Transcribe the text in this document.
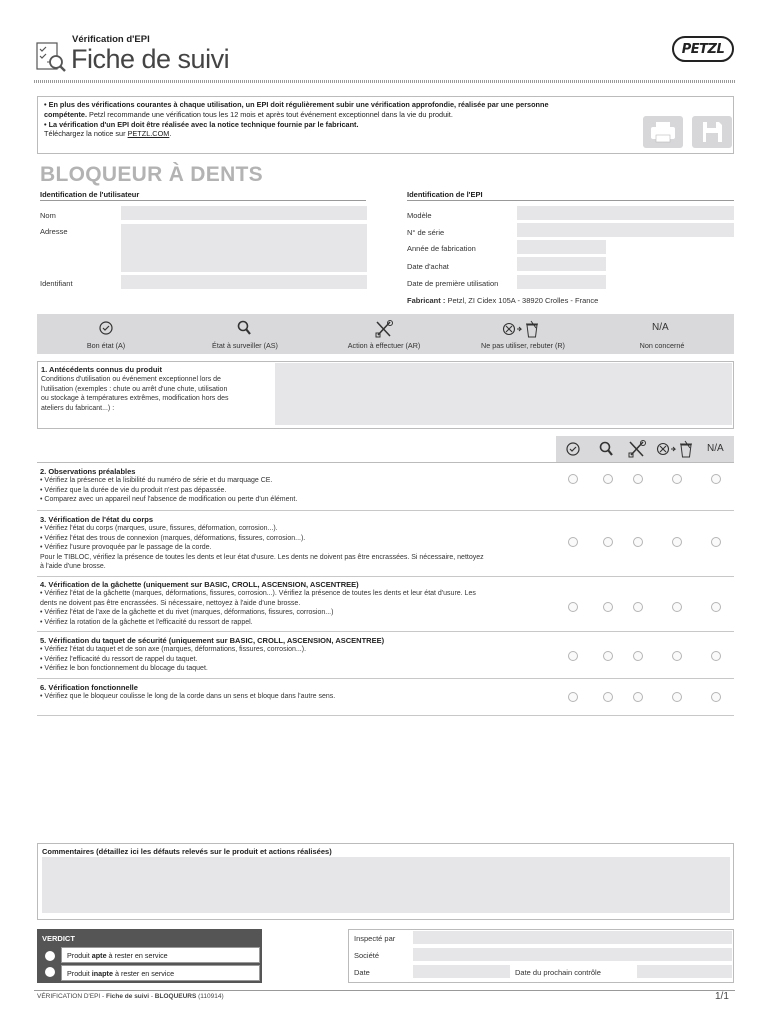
Vérification d'EPI
Fiche de suivi	PETZL
• En plus des vérifications courantes à chaque utilisation, un EPI doit régulièrement subir une vérification approfondie, réalisée par une personne
compétente. Petzl recommande une vérification tous les 12 mois et après tout événement exceptionnel dans la vie du produit.
• La vérification d'un EPI doit être réalisée avec la notice technique fournie par le fabricant.
Téléchargez la notice sur PETZL.COM.
BLOQUEUR À DENTS
Identification de l'utilisateur
Nom
Adresse
Identifiant
Identification de l'EPI
Modèle
N° de série
Année de fabrication
Date d'achat
Date de première utilisation
Fabricant : Petzl, ZI Cidex 105A - 38920 Crolles - France
N/A
Bon état (A)	État à surveiller (AS)	Action à effectuer (AR)	Ne pas utiliser, rebuter (R)	Non concerné
1. Antécédents connus du produit
Conditions d'utilisation ou événement exceptionnel lors de
l'utilisation (exemples : chute ou arrêt d'une chute, utilisation
ou stockage à températures extrêmes, modification hors des
ateliers du fabricant...) :
N/A
2. Observations préalables
• Vérifiez la présence et la lisibilité du numéro de série et du marquage CE.
• Vérifiez que la durée de vie du produit n'est pas dépassée.
• Comparez avec un appareil neuf l'absence de modification ou perte d'un élément.
3. Vérification de l'état du corps
• Vérifiez l'état du corps (marques, usure, fissures, déformation, corrosion...).
• Vérifiez l'état des trous de connexion (marques, déformations, fissures, corrosion...).
• Vérifiez l'usure provoquée par le passage de la corde.
Pour le TIBLOC, vérifiez la présence de toutes les dents et leur état d'usure. Les dents ne doivent pas être encrassées. Si nécessaire, nettoyez
à l'aide d'une brosse.
4. Vérification de la gâchette (uniquement sur BASIC, CROLL, ASCENSION, ASCENTREE)
• Vérifiez l'état de la gâchette (marques, déformations, fissures, corrosion...). Vérifiez la présence de toutes les dents et leur état d'usure. Les
dents ne doivent pas être encrassées. Si nécessaire, nettoyez à l'aide d'une brosse.
• Vérifiez l'état de l'axe de la gâchette et du rivet (marques, déformations, fissures, corrosion...)
• Vérifiez la rotation de la gâchette et l'efficacité du ressort de rappel.
5. Vérification du taquet de sécurité (uniquement sur BASIC, CROLL, ASCENSION, ASCENTREE)
• Vérifiez l'état du taquet et de son axe (marques, déformations, fissures, corrosion...).
• Vérifiez l'efficacité du ressort de rappel du taquet.
• Vérifiez le bon fonctionnement du blocage du taquet.
6. Vérification fonctionnelle
• Vérifiez que le bloqueur coulisse le long de la corde dans un sens et bloque dans l'autre sens.
Commentaires (détaillez ici les défauts relevés sur le produit et actions réalisées)
VERDICT
Produit apte à rester en service
Produit inapte à rester en service
Inspecté par
Société
Date	Date du prochain contrôle
VÉRIFICATION D'EPI - Fiche de suivi - BLOQUEURS (110914)	1/1
